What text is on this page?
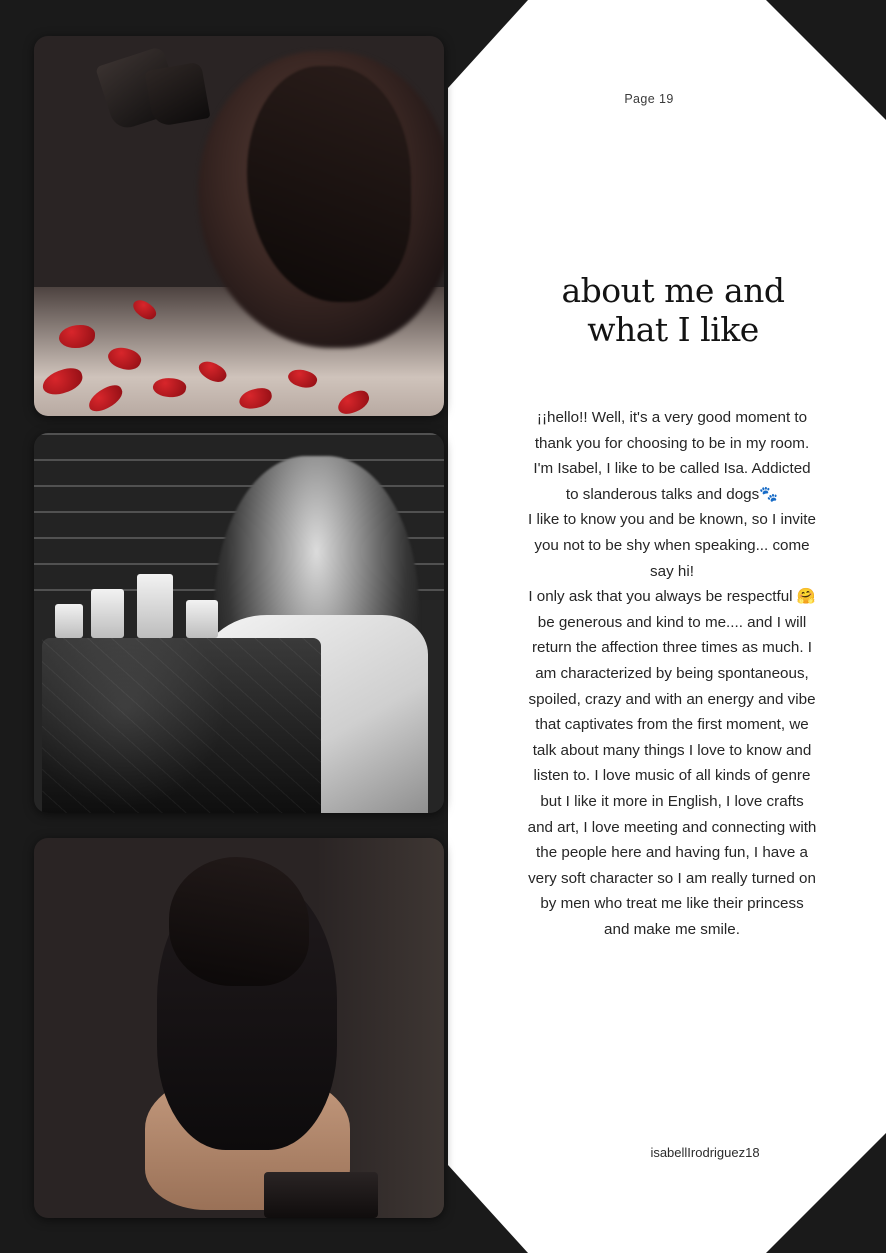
Page 19
about me and
what I like

¡¡hello!! Well, it's a very good moment to thank you for choosing to be in my room.

I'm Isabel, I like to be called Isa. Addicted to slanderous talks and dogs🐾

I like to know you and be known, so I invite you not to be shy when speaking... come say hi!

I only ask that you always be respectful 🤗 be generous and kind to me.... and I will return the affection three times as much. I am characterized by being spontaneous, spoiled, crazy and with an energy and vibe that captivates from the first moment, we talk about many things I love to know and listen to. I love music of all kinds of genre but I like it more in English, I love crafts and art, I love meeting and connecting with the people here and having fun, I have a very soft character so I am really turned on by men who treat me like their princess and make me smile.

isabellIrodriguez18
